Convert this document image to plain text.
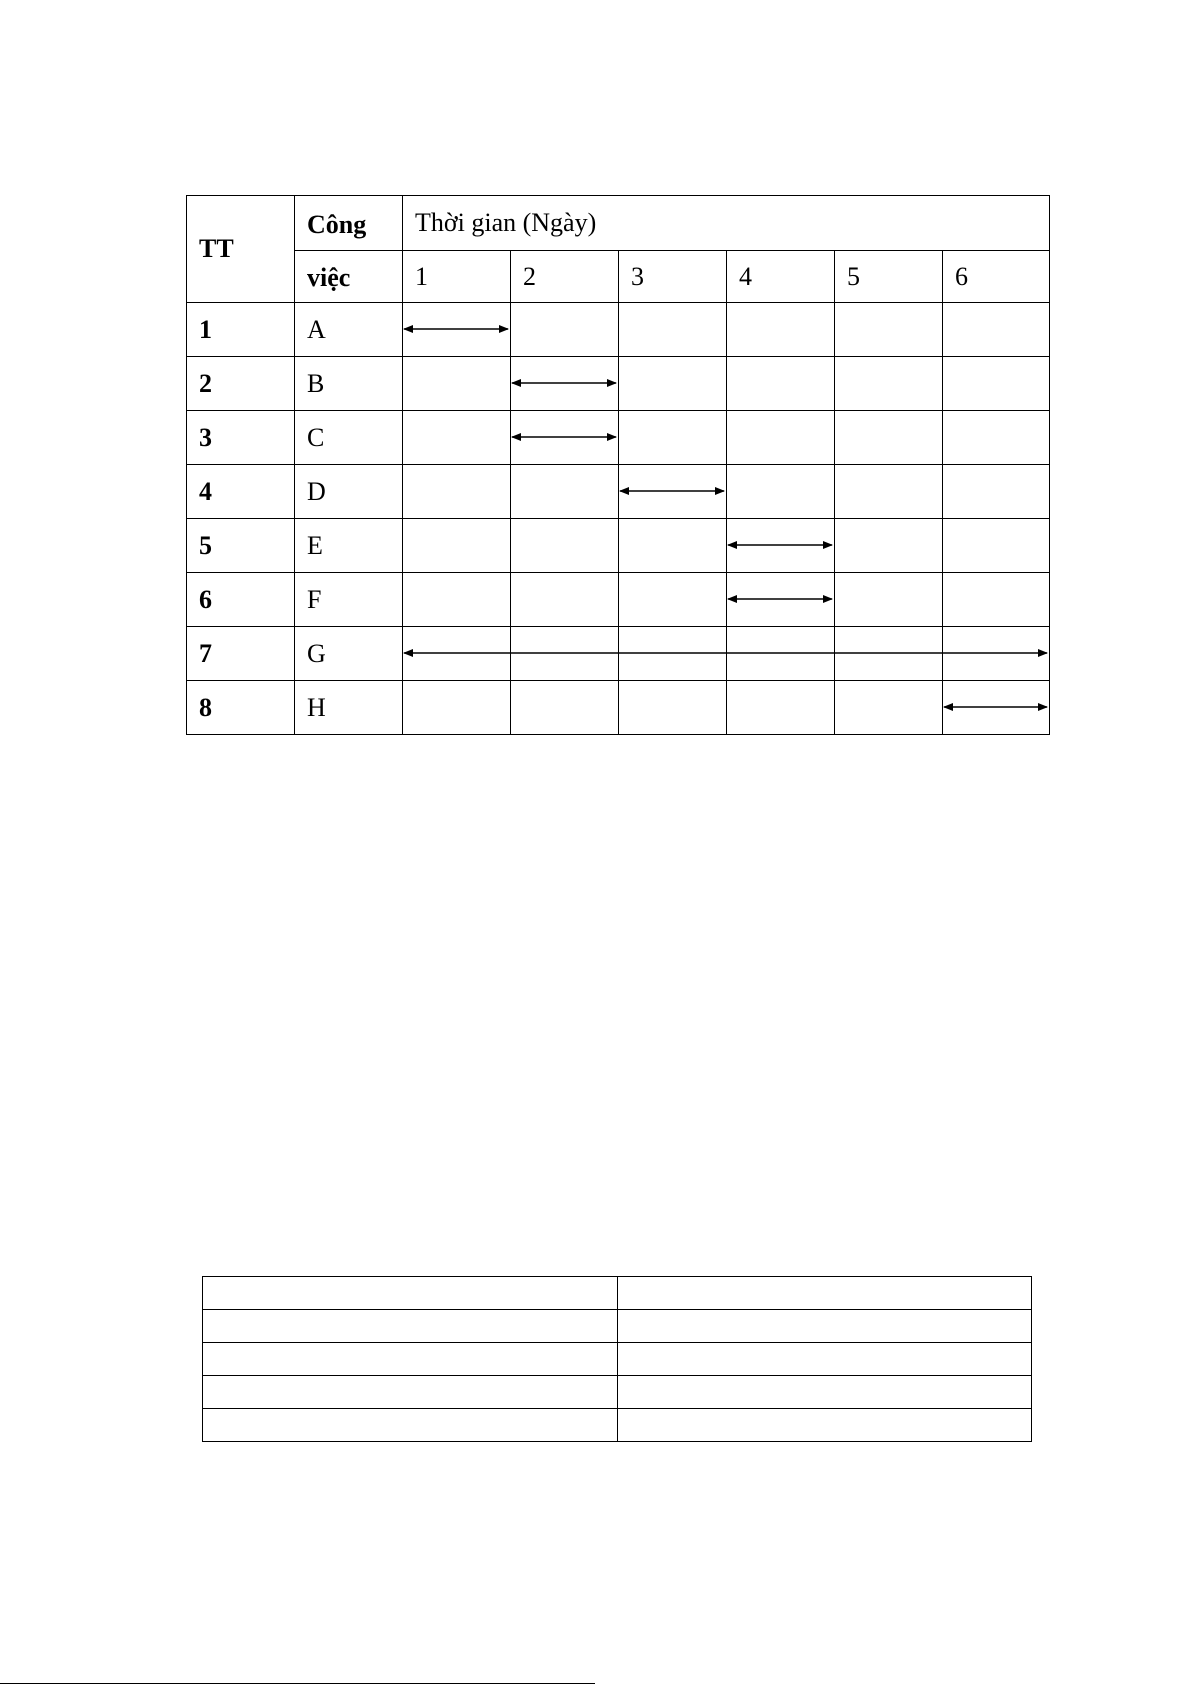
TT	Công	Thời gian (Ngày)					
	việc	1	2	3	4	5	6
1	A						
2	B						
3	C						
4	D						
5	E						
6	F						
7	G						
8	H						
